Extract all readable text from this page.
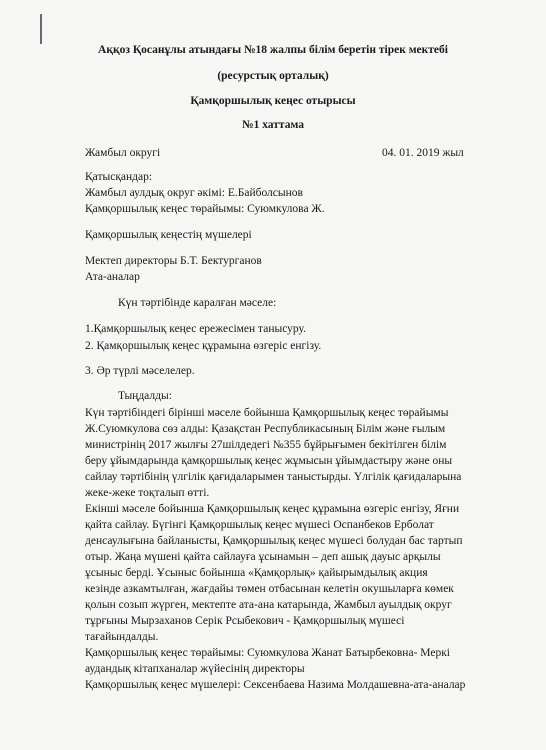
Аққоз Қосанұлы атындағы №18 жалпы білім беретін тірек мектебі
(ресурстық орталық)
Қамқоршылық кеңес отырысы
№1 хаттама
Жамбыл округі	04. 01. 2019 жыл
Қатысқандар:
Жамбыл аулдық округ әкімі: Е.Байболсынов
Қамқоршылық кеңес төрайымы: Суюмкулова Ж.
Қамқоршылық кеңестің мүшелері
Мектеп директоры Б.Т. Бектурганов
Ата-аналар
Күн тәртібінде каралған мәселе:
1.Қамқоршылық кеңес ережесімен танысуру.
2. Қамқоршылық кеңес құрамына өзгеріс енгізу.
3. Әр түрлі мәселелер.
Тыңдалды:
Күн тәртібіндегі бірінші мәселе бойынша Қамқоршылық кеңес төрайымы
Ж.Суюмкулова сөз алды: Қазақстан Республикасының Білім және ғылым
министрінің 2017 жылғы 27шілдедегі №355 бұйрығымен бекітілген білім
беру ұйымдарында қамқоршылық кеңес жұмысын ұйымдастыру және оны
сайлау тәртібінің үлгілік қағидаларымен таныстырды. Үлгілік қағидаларына
жеке-жеке тоқталып өтті.
Екінші мәселе бойынша Қамқоршылық кеңес құрамына өзгеріс енгізу, Яғни
қайта сайлау. Бүгінгі Қамқоршылық кеңес мүшесі Оспанбеков Ерболат
денсаулығына байланысты, Қамқоршылық кеңес мүшесі болудан бас тартып
отыр. Жаңа мүшені қайта сайлауға ұсынамын – деп ашық дауыс арқылы
ұсыныс берді. Ұсыныс бойынша «Қамқорлық» қайырымдылық акция
кезінде азкамтылған, жағдайы төмен отбасынан келетін окушыларға көмек
қолын созып жүрген, мектепте ата-ана катарында, Жамбыл ауылдық округ
тұрғыны Мырзаханов Серік Рсыбекович - Қамқоршылық мүшесі
тағайындалды.
Қамқоршылық кеңес төрайымы: Суюмкулова Жанат Батырбековна- Меркі
аудандық кітапханалар жүйесінің директоры
Қамқоршылық кеңес мүшелері: Сексенбаева Назима Молдашевна-ата-аналар
